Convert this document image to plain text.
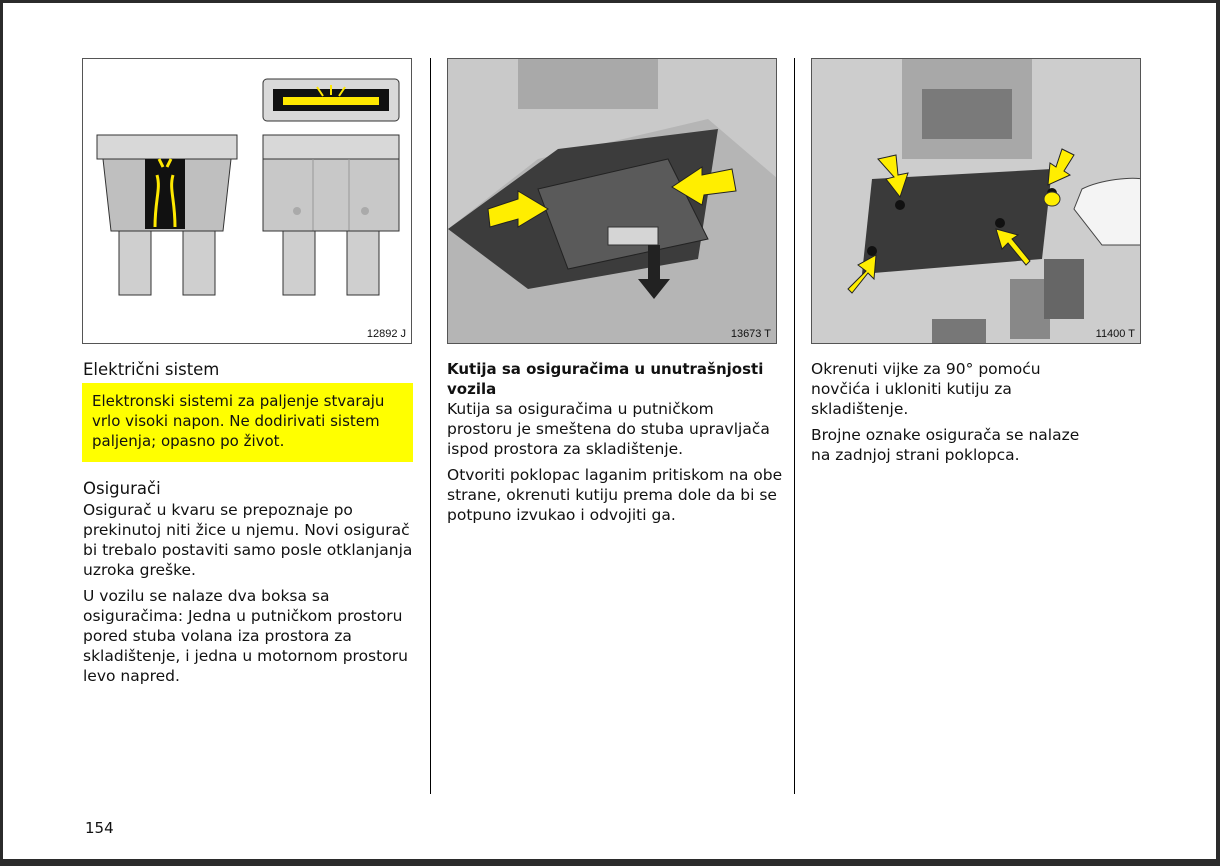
12892 J	13673 T	11400 T
Električni sistem
Elektronski sistemi za paljenje stvaraju vrlo visoki napon. Ne dodirivati sistem paljenja; opasno po život.
Osigurači

Osigurač u kvaru se prepoznaje po prekinutoj niti žice u njemu. Novi osigurač bi trebalo postaviti samo posle otklanjanja uzroka greške.

U vozilu se nalaze dva boksa sa osiguračima: Jedna u putničkom prostoru pored stuba volana iza prostora za skladištenje, i jedna u motornom prostoru levo napred.

Kutija sa osiguračima u unutrašnjosti vozila

Kutija sa osiguračima u putničkom prostoru je smeštena do stuba upravljača ispod prostora za skladištenje.

Otvoriti poklopac laganim pritiskom na obe strane, okrenuti kutiju prema dole da bi se potpuno izvukao i odvojiti ga.

Okrenuti vijke za 90° pomoću novčića i ukloniti kutiju za skladištenje.

Brojne oznake osigurača se nalaze na zadnjoj strani poklopca.

154
